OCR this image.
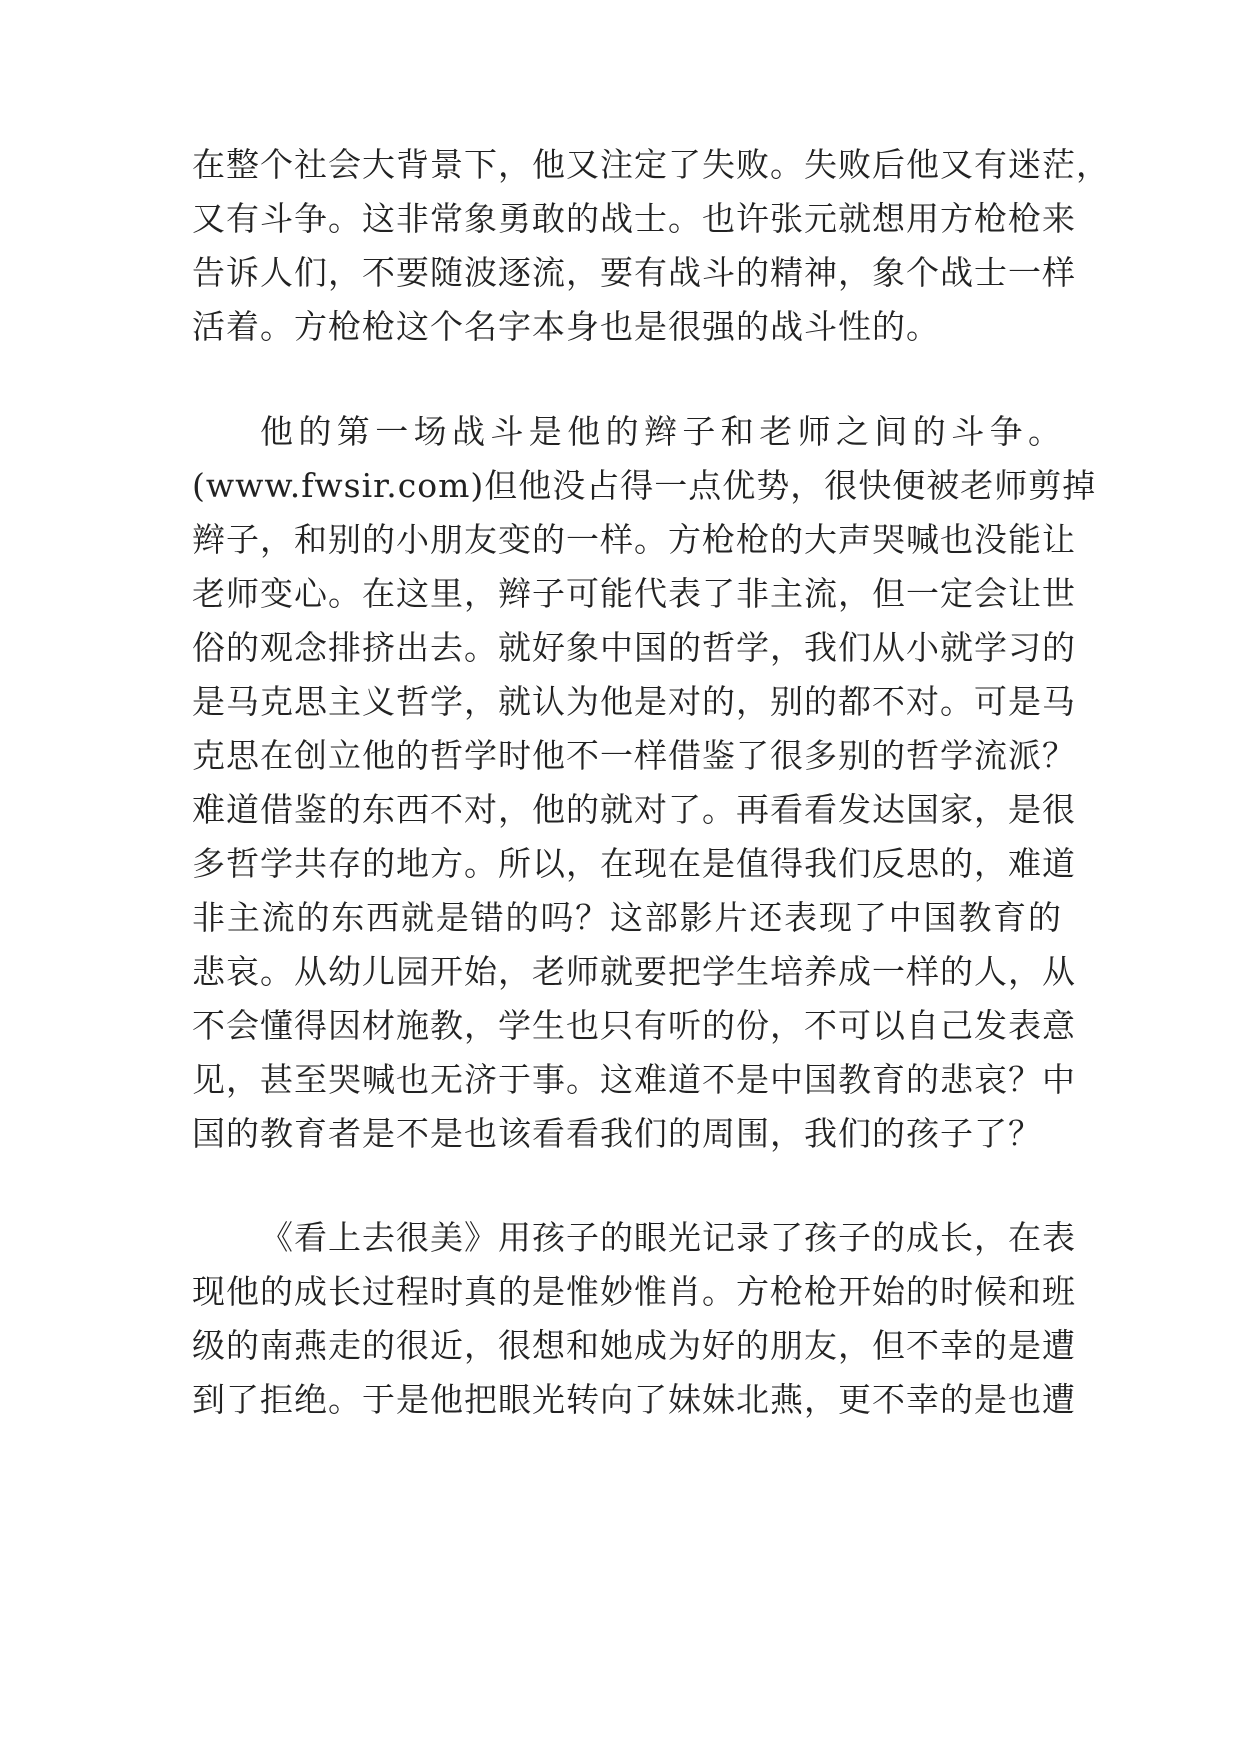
在整个社会大背景下，他又注定了失败。失败后他又有迷茫，
又有斗争。这非常象勇敢的战士。也许张元就想用方枪枪来
告诉人们，不要随波逐流，要有战斗的精神，象个战士一样
活着。方枪枪这个名字本身也是很强的战斗性的。
他的第一场战斗是他的辫子和老师之间的斗争。
(www.fwsir.com)但他没占得一点优势，很快便被老师剪掉
辫子，和别的小朋友变的一样。方枪枪的大声哭喊也没能让
老师变心。在这里，辫子可能代表了非主流，但一定会让世
俗的观念排挤出去。就好象中国的哲学，我们从小就学习的
是马克思主义哲学，就认为他是对的，别的都不对。可是马
克思在创立他的哲学时他不一样借鉴了很多别的哲学流派？
难道借鉴的东西不对，他的就对了。再看看发达国家，是很
多哲学共存的地方。所以，在现在是值得我们反思的，难道
非主流的东西就是错的吗？这部影片还表现了中国教育的
悲哀。从幼儿园开始，老师就要把学生培养成一样的人，从
不会懂得因材施教，学生也只有听的份，不可以自己发表意
见，甚至哭喊也无济于事。这难道不是中国教育的悲哀？中
国的教育者是不是也该看看我们的周围，我们的孩子了？
《看上去很美》用孩子的眼光记录了孩子的成长，在表
现他的成长过程时真的是惟妙惟肖。方枪枪开始的时候和班
级的南燕走的很近，很想和她成为好的朋友，但不幸的是遭
到了拒绝。于是他把眼光转向了妹妹北燕，更不幸的是也遭
